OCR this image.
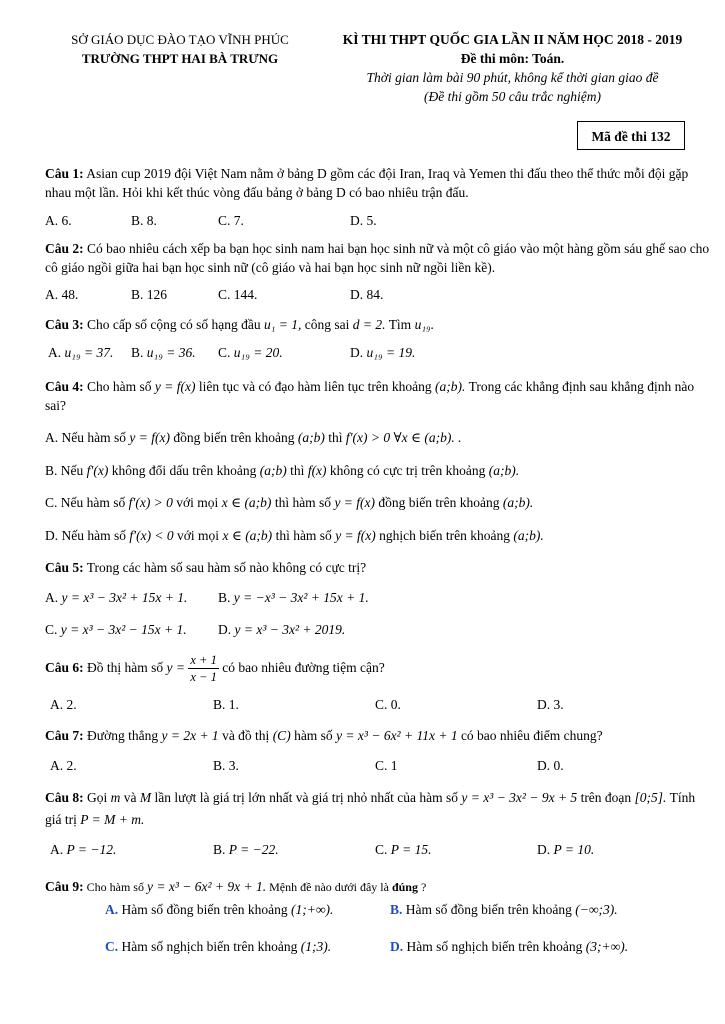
SỞ GIÁO DỤC ĐÀO TẠO VĨNH PHÚC
TRƯỜNG THPT HAI BÀ TRƯNG
KÌ THI THPT QUỐC GIA LẦN II NĂM HỌC 2018 - 2019
Đề thi môn: Toán.
Thời gian làm bài 90 phút, không kể thời gian giao đề
(Đề thi gồm 50 câu trắc nghiệm)
Mã đề thi 132
Câu 1: Asian cup 2019 đội Việt Nam nằm ở bảng D gồm các đội Iran, Iraq và Yemen thi đấu theo thể thức mỗi đội gặp nhau một lần. Hỏi khi kết thúc vòng đấu bảng ở bảng D có bao nhiêu trận đấu.
A. 6.	B. 8.	C. 7.	D. 5.
Câu 2: Có bao nhiêu cách xếp ba bạn học sinh nam hai bạn học sinh nữ và một cô giáo vào một hàng gồm sáu ghế sao cho cô giáo ngồi giữa hai bạn học sinh nữ (cô giáo và hai bạn học sinh nữ ngồi liền kề).
A. 48.	B. 126	C. 144.	D. 84.
Câu 3: Cho cấp số cộng có số hạng đầu u₁ = 1, công sai d = 2. Tìm u₁₉.
A. u₁₉ = 37. B. u₁₉ = 36. C. u₁₉ = 20.	D. u₁₉ = 19.
Câu 4: Cho hàm số y = f(x) liên tục và có đạo hàm liên tục trên khoảng (a;b). Trong các khẳng định sau khẳng định nào sai?
A. Nếu hàm số y = f(x) đồng biến trên khoảng (a;b) thì f′(x) > 0 ∀x ∈ (a;b). .
B. Nếu f′(x) không đổi dấu trên khoảng (a;b) thì f(x) không có cực trị trên khoảng (a;b).
C. Nếu hàm số f′(x) > 0 với mọi x ∈ (a;b) thì hàm số y = f(x) đồng biến trên khoảng (a;b).
D. Nếu hàm số f′(x) < 0 với mọi x ∈ (a;b) thì hàm số y = f(x) nghịch biến trên khoảng (a;b).
Câu 5: Trong các hàm số sau hàm số nào không có cực trị?
A. y = x³ − 3x² + 15x + 1. B. y = −x³ − 3x² + 15x + 1.
C. y = x³ − 3x² − 15x + 1. D. y = x³ − 3x² + 2019.
Câu 6: Đồ thị hàm số $y = \frac{x + 1}{x - 1}$ có bao nhiêu đường tiệm cận?
A. 2.	B. 1.	C. 0.	D. 3.
Câu 7: Đường thẳng y = 2x + 1 và đồ thị (C) hàm số y = x³ − 6x² + 11x + 1 có bao nhiêu điểm chung?
A. 2.	B. 3.	C. 1	D. 0.
Câu 8: Gọi m và M lần lượt là giá trị lớn nhất và giá trị nhỏ nhất của hàm số y = x³ − 3x² − 9x + 5 trên đoạn [0;5]. Tính giá trị P = M + m.
A. P = −12.	B. P = −22.	C. P = 15.	D. P = 10.
Câu 9: Cho hàm số y = x³ − 6x² + 9x + 1. Mệnh đề nào dưới đây là đúng ?
A. Hàm số đồng biến trên khoảng (1;+∞).	B. Hàm số đồng biến trên khoảng (−∞;3).
C. Hàm số nghịch biến trên khoảng (1;3).	D. Hàm số nghịch biến trên khoảng (3;+∞).
